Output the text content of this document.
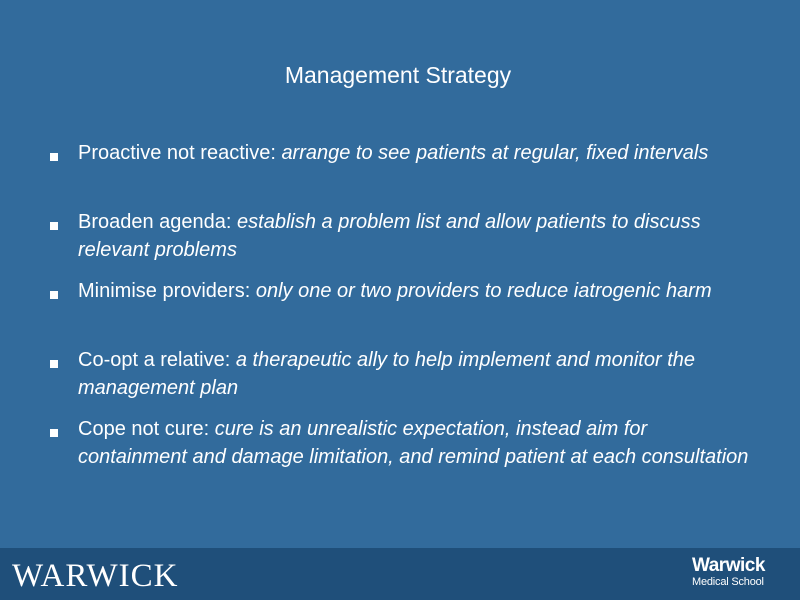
Management Strategy
Proactive not reactive: arrange to see patients at regular, fixed intervals
Broaden agenda: establish a problem list and allow patients to discuss relevant problems
Minimise providers: only one or two providers to reduce iatrogenic harm
Co-opt a relative: a therapeutic ally to help implement and monitor the management plan
Cope not cure: cure is an unrealistic expectation, instead aim for containment and damage limitation, and remind patient at each consultation
WARWICK	Warwick
Medical School
